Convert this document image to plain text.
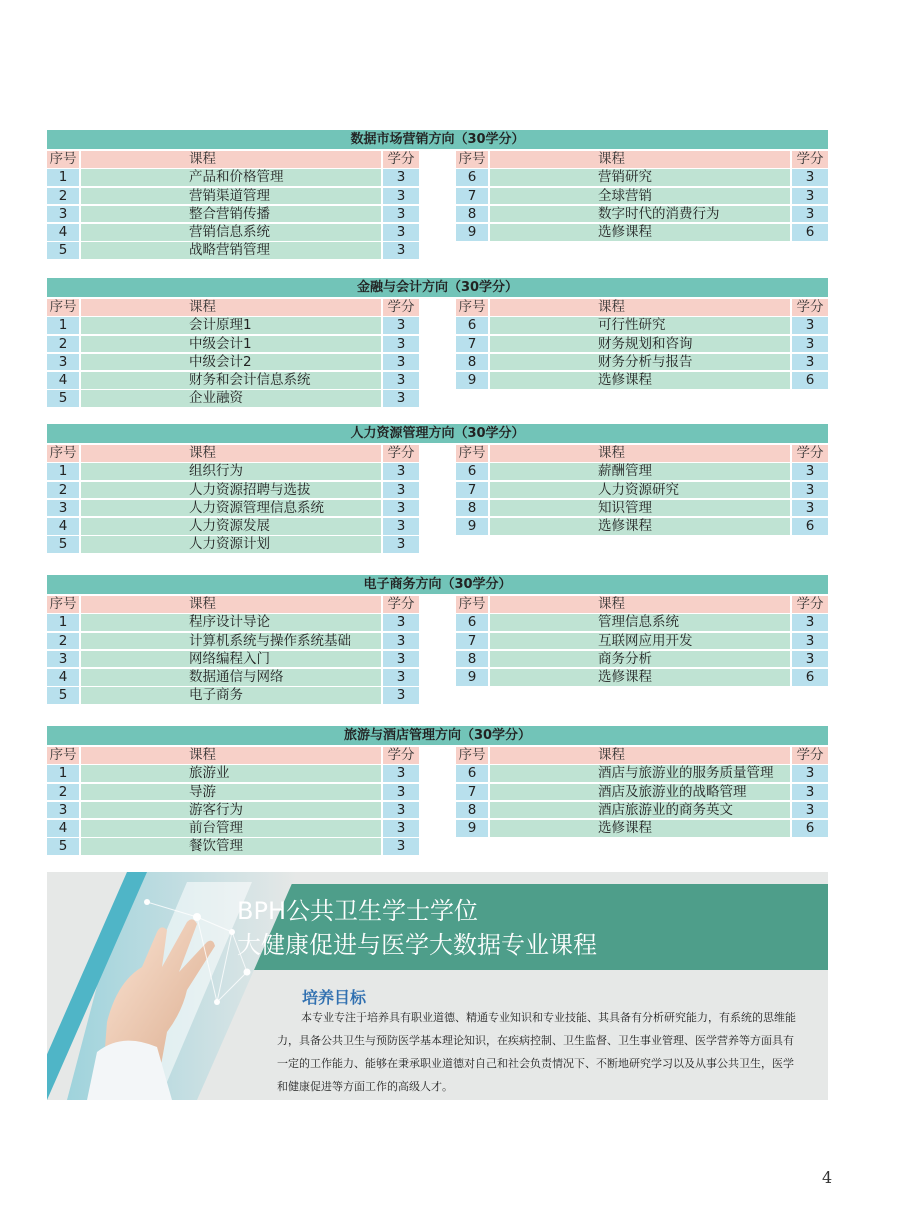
数据市场营销方向（30学分）
序号	课程	学分
1	产品和价格管理	3
2	营销渠道管理	3
3	整合营销传播	3
4	营销信息系统	3
5	战略营销管理	3
序号	课程	学分
6	营销研究	3
7	全球营销	3
8	数字时代的消费行为	3
9	选修课程	6
金融与会计方向（30学分）
序号	课程	学分
1	会计原理1	3
2	中级会计1	3
3	中级会计2	3
4	财务和会计信息系统	3
5	企业融资	3
序号	课程	学分
6	可行性研究	3
7	财务规划和咨询	3
8	财务分析与报告	3
9	选修课程	6
人力资源管理方向（30学分）
序号	课程	学分
1	组织行为	3
2	人力资源招聘与选拔	3
3	人力资源管理信息系统	3
4	人力资源发展	3
5	人力资源计划	3
序号	课程	学分
6	薪酬管理	3
7	人力资源研究	3
8	知识管理	3
9	选修课程	6
电子商务方向（30学分）
序号	课程	学分
1	程序设计导论	3
2	计算机系统与操作系统基础	3
3	网络编程入门	3
4	数据通信与网络	3
5	电子商务	3
序号	课程	学分
6	管理信息系统	3
7	互联网应用开发	3
8	商务分析	3
9	选修课程	6
旅游与酒店管理方向（30学分）
序号	课程	学分
1	旅游业	3
2	导游	3
3	游客行为	3
4	前台管理	3
5	餐饮管理	3
序号	课程	学分
6	酒店与旅游业的服务质量管理	3
7	酒店及旅游业的战略管理	3
8	酒店旅游业的商务英文	3
9	选修课程	6
BPH公共卫生学士学位
大健康促进与医学大数据专业课程
培养目标
本专业专注于培养具有职业道德、精通专业知识和专业技能、其具备有分析研究能力，有系统的思维能力，具备公共卫生与预防医学基本理论知识，在疾病控制、卫生监督、卫生事业管理、医学营养等方面具有一定的工作能力、能够在秉承职业道德对自己和社会负责情况下、不断地研究学习以及从事公共卫生，医学和健康促进等方面工作的高级人才。
4
